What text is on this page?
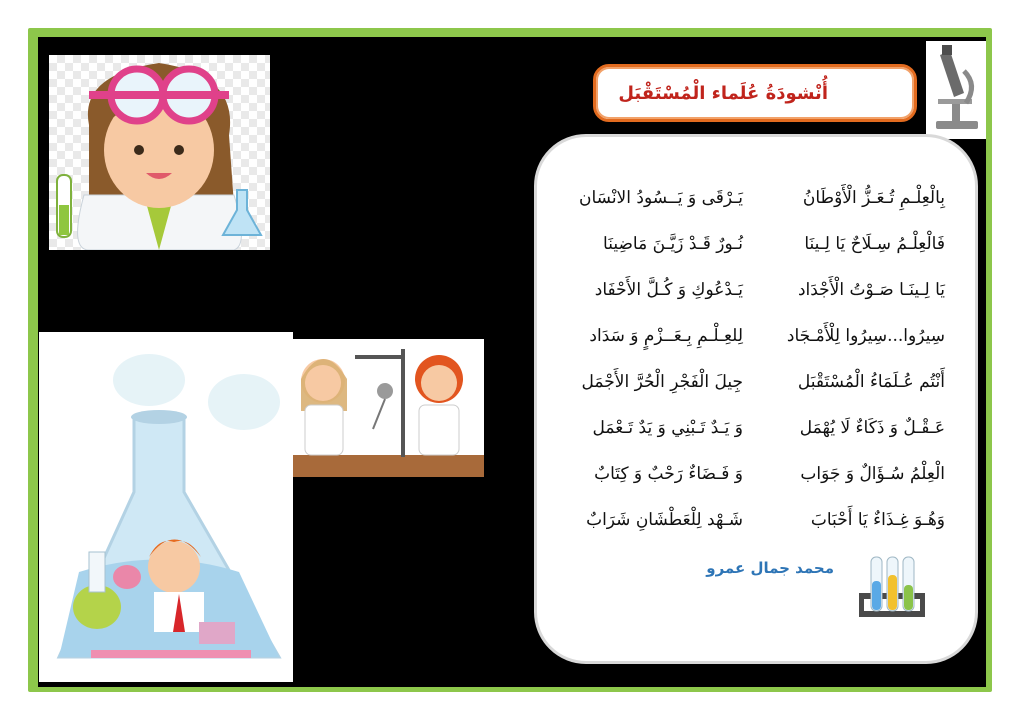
أُنْشودَةُ عُلَماء الْمُسْتَقْبَل
بِالْعِلْـمِ تُـعَـزُّ الْأَوْطَانُ
يَـرْقَى وَ يَــسُودُ الانْسَان
فَالْعِلْـمُ سِـلَاحٌ يَا لِـينَا
نُـورٌ قَـدْ زَيَّـنَ مَاضِينَا
يَا لِـينَـا صَـوْتُ الْأَجْدَاد
يَـدْعُوكِ وَ كُـلَّ الأَحْفَاد
سِيرُوا...سِيرُوا لِلْأَمْـجَاد
لِلعِـلْـمِ بِـعَــزْمٍ وَ سَدَاد
أَنْتُم عُـلَمَاءُ الْمُسْتَقْبَل
جِيلَ الْفَجْرِ الْحُرَّ الأَجْمَل
عَـقْـلٌ وَ ذَكَاءٌ لَا يُهْمَل
وَ يَـدٌ تَـبْنِي وَ يَدٌ تَـعْمَل
الْعِلْمُ سُـؤَالٌ وَ جَوَاب
وَ فَـضَاءٌ رَحْبٌ وَ كِتَابٌ
وَهُـوَ غِـذَاءٌ يَا أَحْبَابَ
شَـهْد لِلْعَطْشَانِ شَرَابٌ
محمد جمال عمرو
